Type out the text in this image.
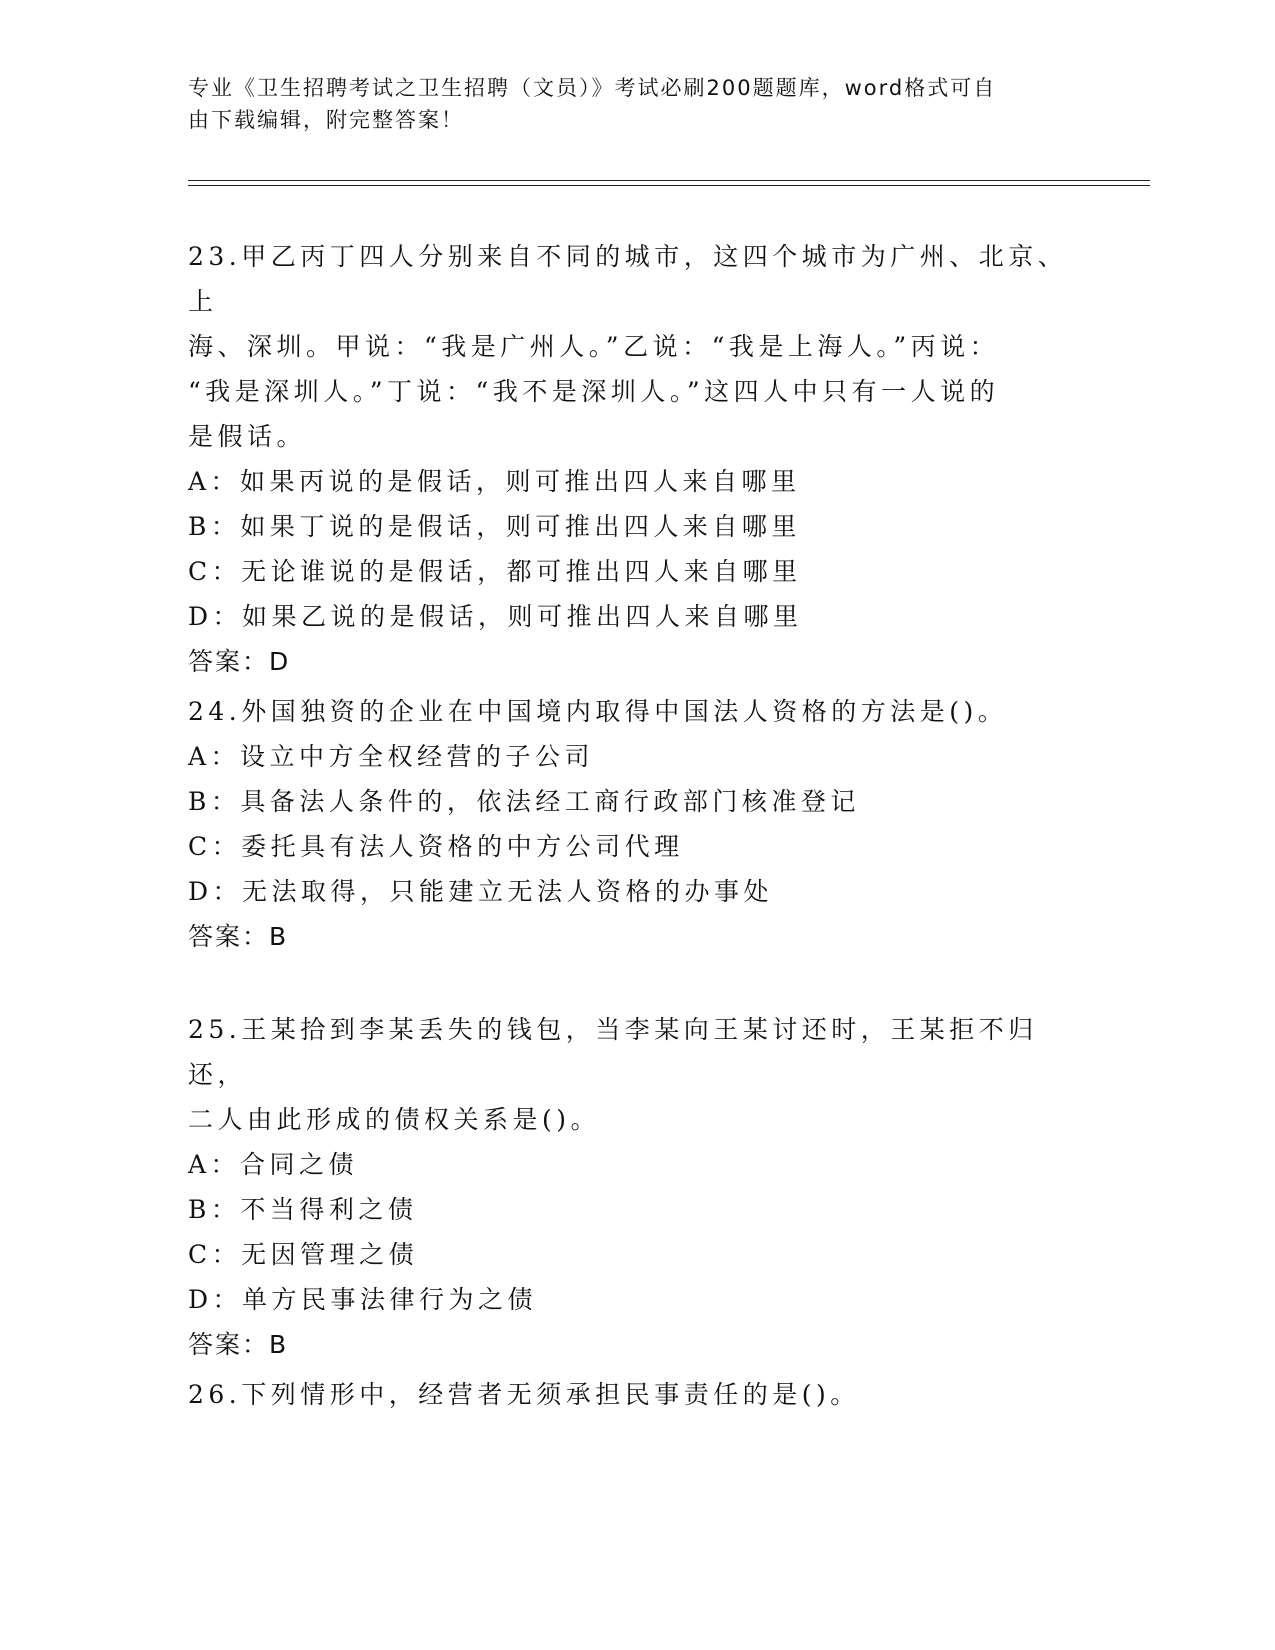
专业《卫生招聘考试之卫生招聘（文员）》考试必刷200题题库，word格式可自
由下载编辑，附完整答案！
23.甲乙丙丁四人分别来自不同的城市，这四个城市为广州、北京、上
海、深圳。甲说：“我是广州人。”乙说：“我是上海人。”丙说：
“我是深圳人。”丁说：“我不是深圳人。”这四人中只有一人说的
是假话。
A：如果丙说的是假话，则可推出四人来自哪里
B：如果丁说的是假话，则可推出四人来自哪里
C：无论谁说的是假话，都可推出四人来自哪里
D：如果乙说的是假话，则可推出四人来自哪里
答案：D
24.外国独资的企业在中国境内取得中国法人资格的方法是()。
A：设立中方全权经营的子公司
B：具备法人条件的，依法经工商行政部门核准登记
C：委托具有法人资格的中方公司代理
D：无法取得，只能建立无法人资格的办事处
答案：B
25.王某拾到李某丢失的钱包，当李某向王某讨还时，王某拒不归还，
二人由此形成的债权关系是()。
A：合同之债
B：不当得利之债
C：无因管理之债
D：单方民事法律行为之债
答案：B
26.下列情形中，经营者无须承担民事责任的是()。
